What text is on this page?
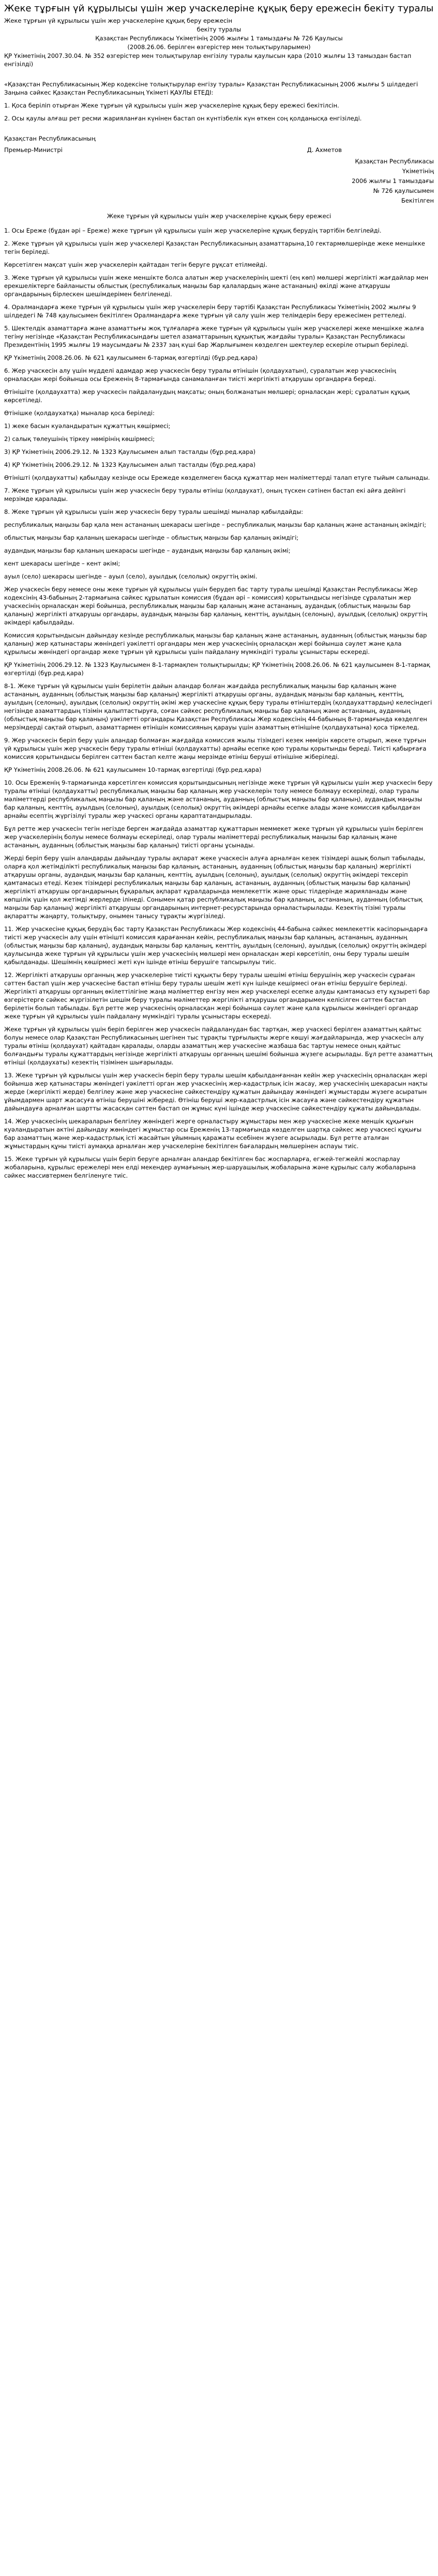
Жеке тұрғын үй құрылысы үшін жер учаскелеріне құқық беру ережесін бекіту туралы

Жеке тұрғын үй құрылысы үшін жер учаскелеріне құқық беру ережесін

бекіту туралы

Қазақстан Республикасы Үкіметінің 2006 жылғы 1 тамыздағы № 726 Қаулысы

(2008.26.06. берілген өзгерістер мен толықтыруларымен)

ҚР Үкіметінің 2007.30.04. № 352 өзгерістер мен толықтырулар енгізілу туралы қаулысын қара (2010 жылғы 13 тамыздан бастап енгізілді)

«Қазақстан Республикасының Жер кодексіне толықтырулар енгізу туралы» Қазақстан Республикасының 2006 жылғы 5 шілдедегі Заңына сәйкес Қазақстан Республикасының Үкіметі ҚАУЛЫ ЕТЕДІ:

1. Қоса беріліп отырған Жеке тұрғын үй құрылысы үшін жер учаскелеріне құқық беру ережесі бекітілсін.

2. Осы қаулы алғаш рет ресми жарияланған күнінен бастап он күнтізбелік күн өткен соң қолданысқа енгізіледі.

Қазақстан Республикасының

Премьер-Министрі	Д. Ахметов

Қазақстан Республикасы

Үкіметінің

2006 жылғы 1 тамыздағы

№ 726 қаулысымен

Бекітілген

Жеке тұрғын үй құрылысы үшін жер учаскелеріне құқық беру ережесі

1. Осы Ереже (бұдан әрі – Ереже) жеке тұрғын үй құрылысы үшін жер учаскелеріне құқық берудің тәртібін белгілейді.

2. Жеке тұрғын үй құрылысы үшін жер учаскелері Қазақстан Республикасының азаматтарына,10 гектармөлшерінде жеке меншікке тегін беріледі.

Көрсетілген мақсат үшін жер учаскелерін қайтадан тегін беруге рұқсат етілмейді.

3. Жеке тұрғын үй құрылысы үшін жеке меншікте болса алатын жер учаскелерінің шекті (ең көп) мөлшері жергілікті жағдайлар мен ерекшеліктерге байланысты облыстық (республикалық маңызы бар қалалардың және астананың) өкілді және атқарушы органдарының бірлескен шешімдерімен белгіленеді.

4. Оралмандарға жеке тұрғын үй құрылысы үшін жер учаскелерін беру тәртібі Қазақстан Республикасы Үкіметінің 2002 жылғы 9 шілдедегі № 748 қаулысымен бекітілген Оралмандарға жеке тұрғын үй салу үшін жер телімдерін беру ережесімен реттеледі.

5. Шектелдік азаматтарға және азаматтығы жоқ тұлғаларға жеке тұрғын үй құрылысы үшін жер учаскелері жеке меншікке жалға тегіну негізінде «Қазақстан Республикасындағы шетел азаматтарының құқықтық жағдайы туралы» Қазақстан Республикасы Президентінің 1995 жылғы 19 маусымдағы № 2337 заң күші бар Жарлығымен көзделген шектеулер ескеріле отырып беріледі.

ҚР Үкіметінің 2008.26.06. № 621 қаулысымен 6-тармақ өзгертілді (бұр.ред.қара)

6. Жер учаскесін алу үшін мүдделі адамдар жер учаскесін беру туралы өтінішін (қолдаухатын), суралатын жер учаскесінің орналасқан жері бойынша осы Ереженің 8-тармағында санамаланған тиісті жергілікті атқарушы органдарға береді.

Өтінішіте (қолдаухатта) жер учаскесін пайдаланудың мақсаты; оның болжанатын мөлшері; орналасқан жері; сұралатын құқық көрсетіледі.

Өтінішке (қолдаухатқа) мыналар қоса беріледі:

1) жеке басын куәландыратын құжаттың көшірмесі;

2) салық төлеушінің тіркеу нөмірінің көшірмесі;

3) ҚР Үкіметінің 2006.29.12. № 1323 Қаулысымен алып тасталды (бұр.ред.қара)

4) ҚР Үкіметінің 2006.29.12. № 1323 Қаулысымен алып тасталды (бұр.ред.қара)

Өтінішті (қолдаухатты) қабылдау кезінде осы Ережеде көзделмеген басқа құжаттар мен мәліметтерді талап етуге тыйым салынады.

7. Жеке тұрғын үй құрылысы үшін жер учаскесін беру туралы өтініш (қолдаухат), оның түскен сәтінен бастап екі айға дейінгі мерзімде қаралады.

8. Жеке тұрғын үй құрылысы үшін жер учаскесін беру туралы шешімді мыналар қабылдайды:

республикалық маңызы бар қала мен астананың шекарасы шегінде – республикалық маңызы бар қаланың және астананың әкімдігі;

облыстық маңызы бар қаланың шекарасы шегінде – облыстық маңызы бар қаланың әкімдігі;

аудандық маңызы бар қаланың шекарасы шегінде – аудандық маңызы бар қаланың әкімі;

кент шекарасы шегінде – кент әкімі;

ауыл (село) шекарасы шегінде – ауыл (село), ауылдық (селолық) округтің әкімі.

Жер учаскесін беру немесе оны жеке тұрғын үй құрылысы үшін берудеп бас тарту туралы шешімді Қазақстан Республикасы Жер кодексінің 43-бабының 2-тармағына сәйкес құрылатын комиссия (бұдан әрі – комиссия) қорытындысы негізінде сұралатын жер учаскесінің орналасқан жері бойынша, республикалық маңызы бар қаланың және астананың, аудандық (облыстық маңызы бар қаланың) жергілікті атқарушы органдары, аудандық маңызы бар қаланың, кенттің, ауылдың (селоның), ауылдық (селолық) округтің әкімдері қабылдайды.

Комиссия қорытындысын дайындау кезінде республикалық маңызы бар қаланың және астананың, ауданның (облыстық маңызы бар қаланың) жер қатынастары жөніндегі уәкілетті органдары мен жер учаскесінің орналасқан жері бойынша сәулет және қала құрылысы жөніндегі органдар жеке тұрғын үй құрылысы үшін пайдалану мүмкіндігі туралы ұсыныстары ескереді.

ҚР Үкіметінің 2006.29.12. № 1323 Қаулысымен 8-1-тармақпен толықтырылды; ҚР Үкіметінің 2008.26.06. № 621 қаулысымен 8-1-тармақ өзгертілді (бұр.ред.қара)

8-1. Жеке тұрғын үй құрылысы үшін берілетін дайын аландар болған жағдайда республикалық маңызы бар қаланың және астананың, ауданның (облыстық маңызы бар қаланың) жергілікті атқарушы органы, аудандық маңызы бар қаланың, кенттің, ауылдың (селоның), ауылдық (селолық) округтің әкімі жер учаскесіне құқық беру туралы өтініштердің (қолдаухаттардың) келесіндегі негізінде азаматтардың тізімін қалыптастыруға, соған сәйкес республикалық маңызы бар қаланың және астананың, ауданның (облыстық маңызы бар қаланың) уәкілетті органдары Қазақстан Республикасы Жер кодексінің 44-бабының 8-тармағында көзделген мерзімдерді сақтай отырып, азаматтармен өтінішін комиссияның қарауы үшін азаматтың өтінішіне (қолдаухатына) қоса тіркелед.

9. Жер учаскесін беріп беру үшін аландар болмаған жағдайда комиссия жылы тізімдегі кезек нөмірін көрсете отырып, жеке тұрғын үй құрылысы үшін жер учаскесін беру туралы өтініші (қолдаухатты) арнайы есепке қою туралы қорытынды береді. Тиісті қабырғаға комиссия қорытындысы берілген сәттен бастап келте жаңы мерзімде өтініш беруші өтінішіне жіберіледі.

ҚР Үкіметінің 2008.26.06. № 621 қаулысымен 10-тармақ өзгертілді (бұр.ред.қара)

10. Осы Ереженің 9-тармағында көрсетілген комиссия қорытындысының негізінде жеке тұрғын үй құрылысы үшін жер учаскесін беру туралы өтініші (қолдаухатты) республикалық маңызы бар қаланың жер учаскелерін толу немесе болмауу ескеріледі, олар туралы мәліметтерді республикалық маңызы бар қаланың және астананың, ауданның (облыстық маңызы бар қаланың), аудандық маңызы бар қаланың, кенттің, ауылдың (селоның), ауылдық (селолық) округтің әкімдері арнайы есепке алады және комиссия қабылдаған арнайы есептің жүргізілуі туралы жер учаскесі органы қараптатандырылады.

Бұл ретте жер учаскесін тегін негізде берген жағдайда азаматтар құжаттарын меммекет жеке тұрғын үй құрылысы үшін берілген жер учаскелерінің болуы немесе болмауы ескеріледі, олар туралы мәліметтерді республикалық маңызы бар қаланың және астананың, ауданның (облыстық маңызы бар қаланың) тиісті органы ұсынады.

Жерді беріп беру үшін аландарды дайындау туралы ақпарат жеке учаскесін алуға арналған кезек тізімдері ашық болып табылады, оларға қол жетімділікті республикалық маңызы бар қаланың, астананың, ауданның (облыстық маңызы бар қаланың) жергілікті атқарушы органы, аудандық маңызы бар қаланың, кенттің, ауылдың (селоның), ауылдық (селолық) округтің әкімдері тексеріп қамтамасыз етеді. Кезек тізімдері республикалық маңызы бар қаланың, астананың, ауданның (облыстық маңызы бар қаланың) жергілікті атқарушы органдарының бұқаралық ақпарат құралдарында мемлекеттік және орыс тілдерінде жарияланады және көпшілік үшін қол жетімді жерлерде ілінеді. Сонымен қатар республикалық маңызы бар қаланың, астананың, ауданның (облыстық маңызы бар қаланың) жергілікті атқарушы органдарының интернет-ресурстарында орналастырылады. Кезектің тізімі туралы ақпаратты жаңарту, толықтыру, онымен танысу тұрақты жүргізіледі.

11. Жер учаскесіне құқық берудің бас тарту Қазақстан Республикасы Жер кодексінің 44-бабына сәйкес мемлекеттік кәсіпорындарға тиісті жер учаскесін алу үшін өтінішті комиссия қарағаннан кейін, республикалық маңызы бар қаланың, астананың, ауданның (облыстық маңызы бар қаланың), аудандық маңызы бар қаланың, кенттің, ауылдың (селоның), ауылдық (селолық) округтің әкімдері қаулысында жеке тұрғын үй құрылысы үшін жер учаскесінің мөлшері мен орналасқан жері көрсетіліп, оны беру туралы шешім қабылданады. Шешімнің көшірмесі жеті күн ішінде өтініш берушіге тапсырылуы тиіс.

12. Жергілікті атқарушы органның жер учаскелеріне тиісті құқықты беру туралы шешімі өтініш берушінің жер учаскесін сұраған сәттен бастап үшін жер учаскесіне бастап өтініш беру туралы шешім жеті күн ішінде кешірмесі оған өтініш берушіге беріледі. Жергілікті атқарушы органның өкілеттілігіне жаңа мәліметтер енгізу мен жер учаскелері есепке алуды қамтамасыз ету құзыреті бар өзгерістерге сәйкес жүргізілетін шешім беру туралы мәліметтер жергілікті атқарушы органдарымен келісілген сәттен бастап берілетін болып табылады. Бұл ретте жер учаскесінің орналасқан жері бойынша сәулет және қала құрылысы жөніндегі органдар жеке тұрғын үй құрылысы үшін пайдалану мүмкіндігі туралы ұсыныстары ескереді.

Жеке тұрғын үй құрылысы үшін беріп берілген жер учаскесін пайдаланудан бас тартқан, жер учаскесі берілген азаматтың қайтыс болуы немесе олар Қазақстан Республикасының шегінен тыс тұрақты тұрғылықты жерге көшуі жағдайларында, жер учаскесін алу туралы өтініш (қолдаухат) қайтадан қаралады, оларды азаматтың жер учаскесіне жазбаша бас тартуы немесе оның қайтыс болғандығы туралы құжаттардың негізінде жергілікті атқарушы органның шешімі бойынша жүзеге асырылады. Бұл ретте азаматтың өтініші (қолдаухаты) кезектің тізімінен шығарылады.

13. Жеке тұрғын үй құрылысы үшін жер учаскесін беріп беру туралы шешім қабылданғаннан кейін жер учаскесінің орналасқан жері бойынша жер қатынастары жөніндегі уәкілетті орган жер учаскесінің жер-кадастрлық ісін жасау, жер учаскесінің шекарасын нақты жерде (жергілікті жерде) белгілеу және жер учаскесіне сәйкестендіру құжатын дайындау жөніндегі жұмыстарды жүзеге асыратын ұйымдармен шарт жасасуға өтініш берушіні жібереді. Өтініш беруші жер-кадастрлық ісін жасауға және сәйкестендіру құжатын дайындауға арналған шартты жасасқан сәттен бастап он жұмыс күні ішінде жер учаскесіне сәйкестендіру құжаты дайындалады.

14. Жер учаскесінің шекараларын белгілеу жөніндегі жерге орналастыру жұмыстары мен жер учаскесіне жеке меншік құқығын куәландыратын актіні дайындау жөніндегі жұмыстар осы Ереженің 13-тармағында көзделген шартқа сәйкес жер учаскесі құқығы бар азаматтың және жер-кадастрлық істі жасайтын ұйымның қаражаты есебінен жүзеге асырылады. Бұл ретте аталған жұмыстардың құны тиісті аумаққа арналған жер учаскелеріне бекітілген бағалардың мөлшерінен аспауы тиіс.

15. Жеке тұрғын үй құрылысы үшін беріп беруге арналған аландар бекітілген бас жоспарларға, егжей-тегжейлі жоспарлау жобаларына, құрылыс ережелері мен елді мекендер аумағының жер-шаруашылық жобаларына және құрылыс салу жобаларына сәйкес массивтермен белгіленуге тиіс.
